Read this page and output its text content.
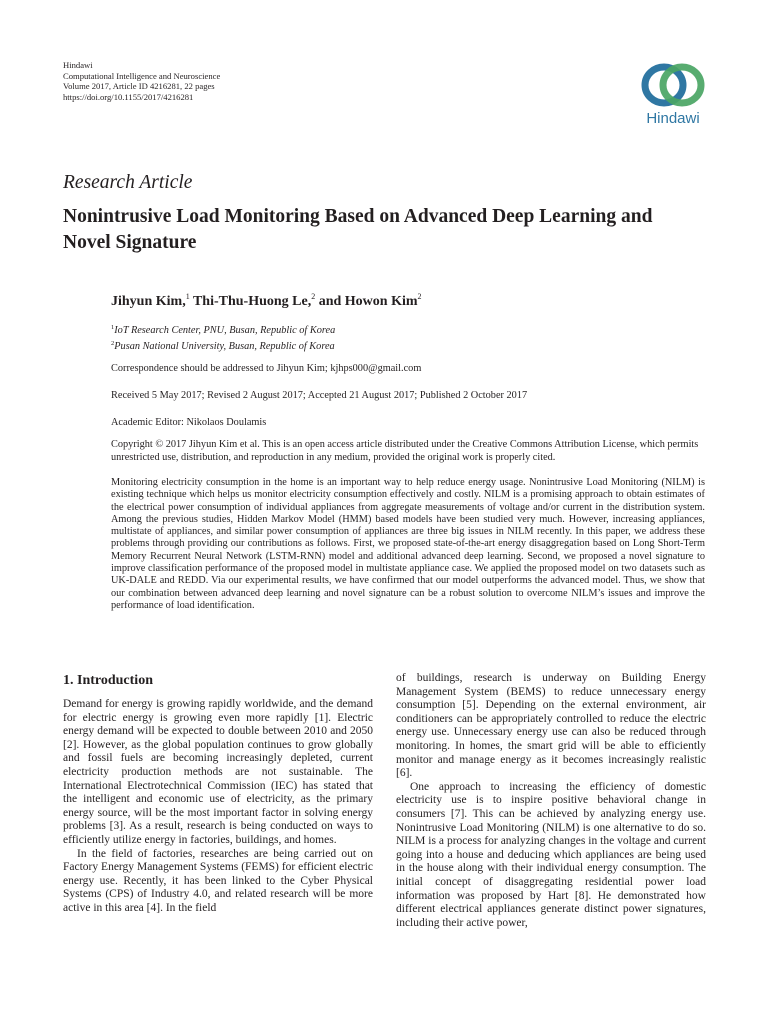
Hindawi
Computational Intelligence and Neuroscience
Volume 2017, Article ID 4216281, 22 pages
https://doi.org/10.1155/2017/4216281
Hindawi
Research Article
Nonintrusive Load Monitoring Based on Advanced Deep Learning and Novel Signature
Jihyun Kim,$^1$ Thi-Thu-Huong Le,$^2$ and Howon Kim$^2$
$^1$IoT Research Center, PNU, Busan, Republic of Korea
$^2$Pusan National University, Busan, Republic of Korea
Correspondence should be addressed to Jihyun Kim; kjhps000@gmail.com
Received 5 May 2017; Revised 2 August 2017; Accepted 21 August 2017; Published 2 October 2017
Academic Editor: Nikolaos Doulamis
Copyright © 2017 Jihyun Kim et al. This is an open access article distributed under the Creative Commons Attribution License, which permits unrestricted use, distribution, and reproduction in any medium, provided the original work is properly cited.
Monitoring electricity consumption in the home is an important way to help reduce energy usage. Nonintrusive Load Monitoring (NILM) is existing technique which helps us monitor electricity consumption effectively and costly. NILM is a promising approach to obtain estimates of the electrical power consumption of individual appliances from aggregate measurements of voltage and/or current in the distribution system. Among the previous studies, Hidden Markov Model (HMM) based models have been studied very much. However, increasing appliances, multistate of appliances, and similar power consumption of appliances are three big issues in NILM recently. In this paper, we address these problems through providing our contributions as follows. First, we proposed state-of-the-art energy disaggregation based on Long Short-Term Memory Recurrent Neural Network (LSTM-RNN) model and additional advanced deep learning. Second, we proposed a novel signature to improve classification performance of the proposed model in multistate appliance case. We applied the proposed model on two datasets such as UK-DALE and REDD. Via our experimental results, we have confirmed that our model outperforms the advanced model. Thus, we show that our combination between advanced deep learning and novel signature can be a robust solution to overcome NILM’s issues and improve the performance of load identification.
1. Introduction

Demand for energy is growing rapidly worldwide, and the demand for electric energy is growing even more rapidly [1]. Electric energy demand will be expected to double between 2010 and 2050 [2]. However, as the global population continues to grow globally and fossil fuels are becoming increasingly depleted, current electricity production methods are not sustainable. The International Electrotechnical Commission (IEC) has stated that the intelligent and economic use of electricity, as the primary energy source, will be the most important factor in solving energy problems [3]. As a result, research is being conducted on ways to efficiently utilize energy in factories, buildings, and homes.

In the field of factories, researches are being carried out on Factory Energy Management Systems (FEMS) for efficient electric energy use. Recently, it has been linked to the Cyber Physical Systems (CPS) of Industry 4.0, and related research will be more active in this area [4]. In the field

of buildings, research is underway on Building Energy Management System (BEMS) to reduce unnecessary energy consumption [5]. Depending on the external environment, air conditioners can be appropriately controlled to reduce the electric energy use. Unnecessary energy use can also be reduced through monitoring. In homes, the smart grid will be able to efficiently monitor and manage energy as it becomes increasingly realistic [6].

One approach to increasing the efficiency of domestic electricity use is to inspire positive behavioral change in consumers [7]. This can be achieved by analyzing energy use. Nonintrusive Load Monitoring (NILM) is one alternative to do so. NILM is a process for analyzing changes in the voltage and current going into a house and deducing which appliances are being used in the house along with their individual energy consumption. The initial concept of disaggregating residential power load information was proposed by Hart [8]. He demonstrated how different electrical appliances generate distinct power signatures, including their active power,
